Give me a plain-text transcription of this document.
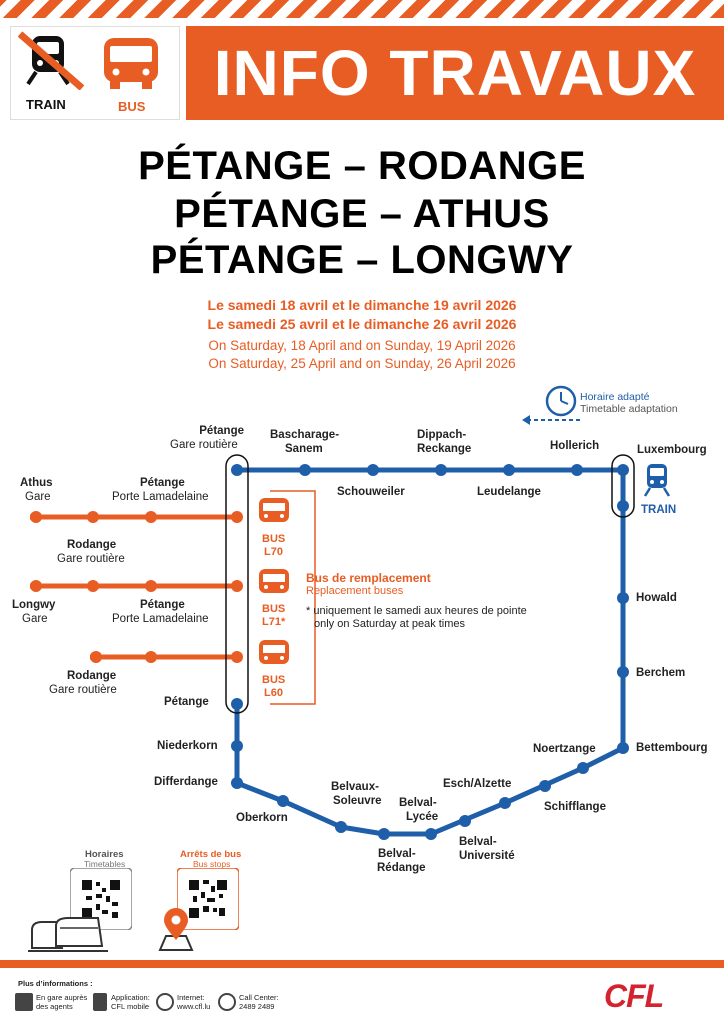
TRAIN	BUS	INFO TRAVAUX
PÉTANGE – RODANGE
PÉTANGE – ATHUS
PÉTANGE – LONGWY
Le samedi 18 avril et le dimanche 19 avril 2026
Le samedi 25 avril et le dimanche 26 avril 2026
On Saturday, 18 April and on Sunday, 19 April 2026
On Saturday, 25 April and on Sunday, 26 April 2026
Horaire adapté
Timetable adaptation
Pétange
Gare routière
Bascharage-
Sanem
Schouweiler
Dippach-
Reckange
Leudelange
Hollerich	Luxembourg
TRAIN
Howald
Berchem
Bettembourg
Noertzange
Schifflange
Esch/Alzette
Belval-
Université
Belval-
Lycée
Belval-
Rédange
Belvaux-
Soleuvre
Oberkorn
Differdange
Niederkorn
Pétange
Athus
Gare
Pétange
Porte Lamadelaine
Rodange
Gare routière
Longwy
Gare
Pétange
Porte Lamadelaine
Rodange
Gare routière
BUS
L70
BUS
L71*
BUS
L60
Bus de remplacement
Replacement buses
* uniquement le samedi aux heures de pointe
only on Saturday at peak times
Horaires
Timetables
Arrêts de bus
Bus stops
Plus d’informations :
En gare auprès
des agents
Application:
CFL mobile
Internet:
www.cfl.lu
Call Center:
2489 2489	CFL
